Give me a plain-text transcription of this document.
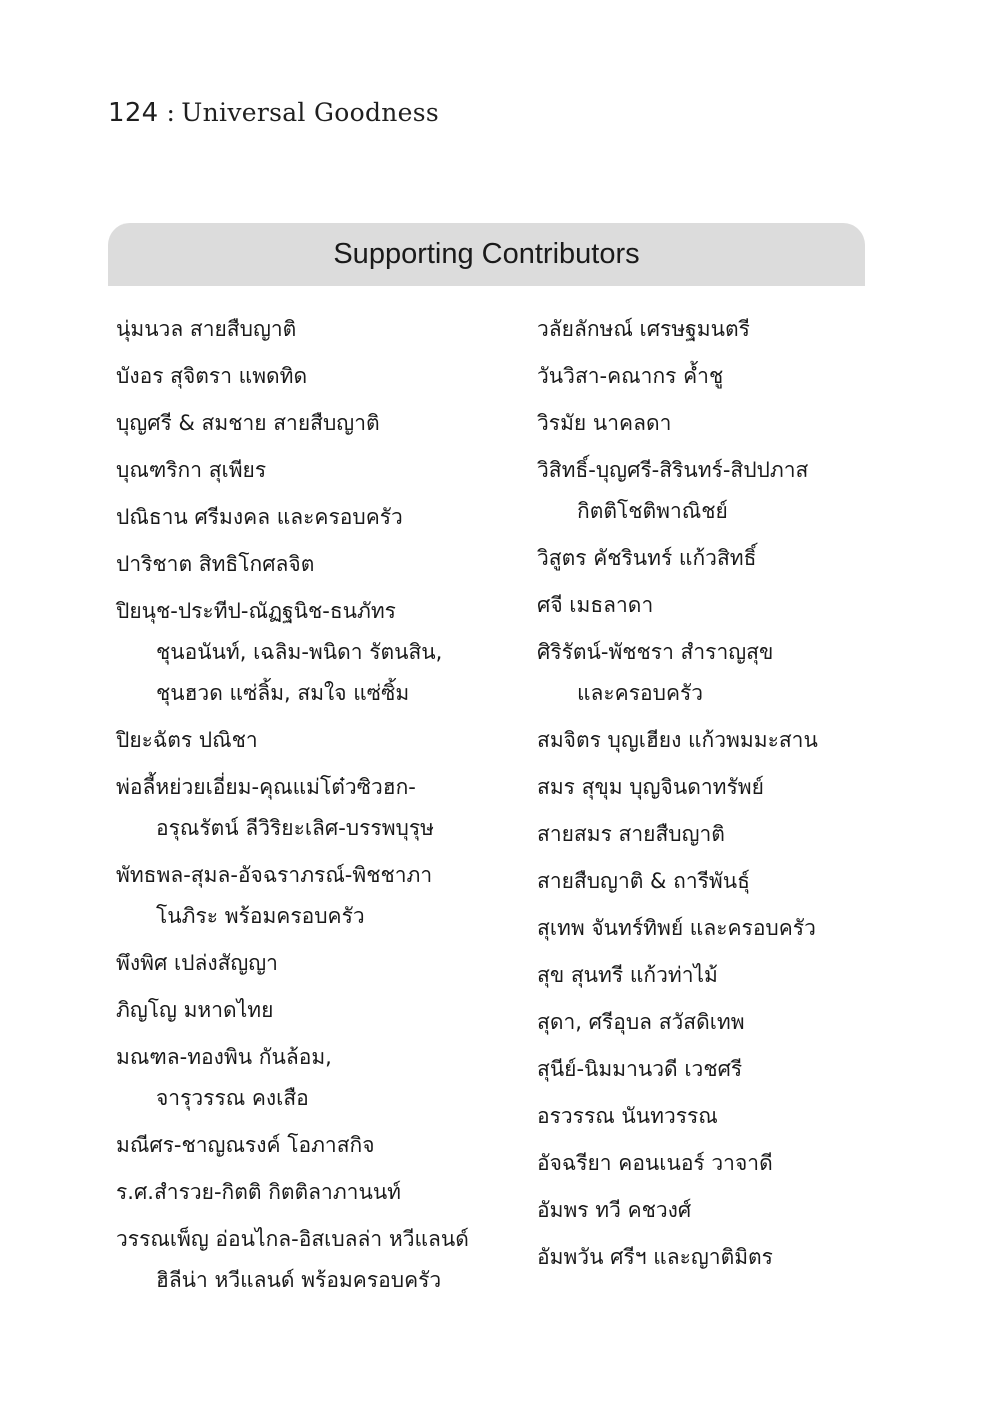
124 : Universal Goodness
Supporting Contributors
นุ่มนวล สายสืบญาติ
บังอร สุจิตรา แพดทิด
บุญศรี & สมชาย สายสืบญาติ
บุณฑริกา สุเพียร
ปณิธาน ศรีมงคล และครอบครัว
ปาริชาต สิทธิโกศลจิต
ปิยนุช-ประทีป-ณัฏฐนิช-ธนภัทร
ชุนอนันท์, เฉลิม-พนิดา รัตนสิน,
ชุนฮวด แซ่ลิ้ม, สมใจ แซ่ซิ้ม
ปิยะฉัตร ปณิชา
พ่อลี้หย่วยเอี่ยม-คุณแม่โต๋วซิวฮก-
อรุณรัตน์ ลีวิริยะเลิศ-บรรพบุรุษ
พัทธพล-สุมล-อัจฉราภรณ์-พิชชาภา
โนภิระ พร้อมครอบครัว
พึงพิศ เปล่งสัญญา
ภิญโญ มหาดไทย
มณฑล-ทองพิน กันล้อม,
จารุวรรณ คงเสือ
มณีศร-ชาญณรงค์ โอภาสกิจ
ร.ศ.สำรวย-กิตติ กิตติลาภานนท์
วรรณเพ็ญ อ่อนไกล-อิสเบลล่า หวีแลนด์
ฮิลีน่า หวีแลนด์ พร้อมครอบครัว
วลัยลักษณ์ เศรษฐมนตรี
วันวิสา-คณากร ค้ำชู
วิรมัย นาคลดา
วิสิทธิ์-บุญศรี-สิรินทร์-สิปปภาส
กิตติโชติพาณิชย์
วิสูตร คัชรินทร์ แก้วสิทธิ์
ศจี เมธลาดา
ศิริรัตน์-พัชชรา สำราญสุข
และครอบครัว
สมจิตร บุญเฮียง แก้วพมมะสาน
สมร สุขุม บุญจินดาทรัพย์
สายสมร สายสืบญาติ
สายสืบญาติ & ถารีพันธุ์
สุเทพ จันทร์ทิพย์ และครอบครัว
สุข สุนทรี แก้วท่าไม้
สุดา, ศรีอุบล สวัสดิเทพ
สุนีย์-นิมมานวดี เวชศรี
อรวรรณ นันทวรรณ
อัจฉรียา คอนเนอร์ วาจาดี
อัมพร ทวี คชวงศ์
อัมพวัน ศรีฯ และญาติมิตร
